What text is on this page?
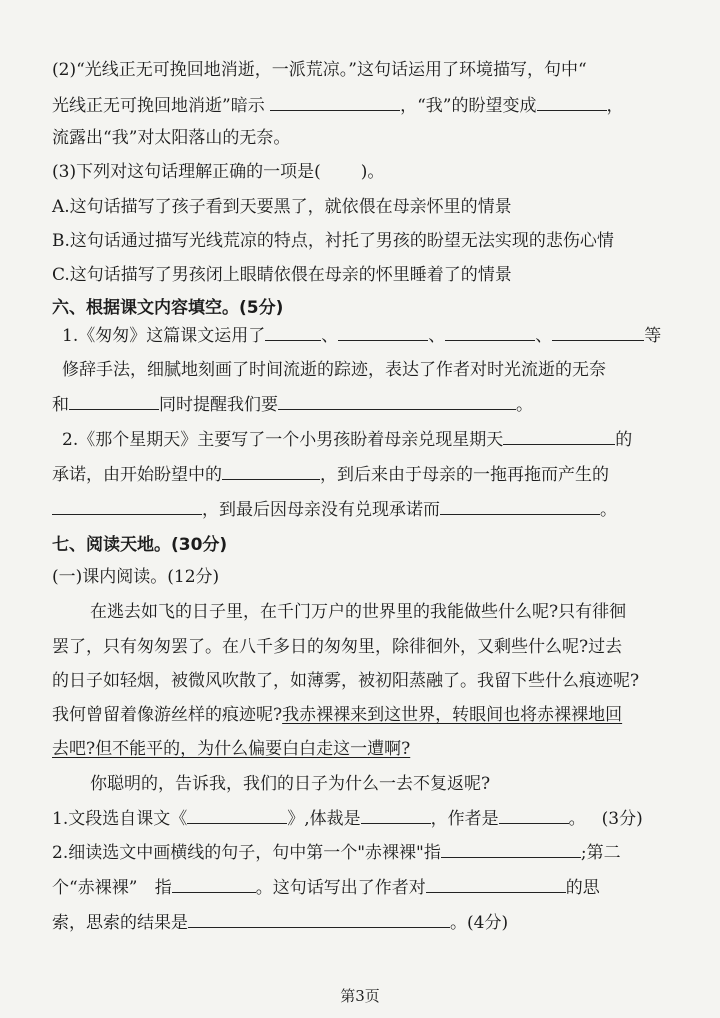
(2)“光线正无可挽回地消逝，一派荒凉。”这句话运用了环境描写，句中“
光线正无可挽回地消逝”暗示	，“我”的盼望变成	，
流露出“我”对太阳落山的无奈。
(3)下列对这句话理解正确的一项是( )。
A.这句话描写了孩子看到天要黑了，就依偎在母亲怀里的情景
B.这句话通过描写光线荒凉的特点，衬托了男孩的盼望无法实现的悲伤心情
C.这句话描写了男孩闭上眼睛依偎在母亲的怀里睡着了的情景
六、根据课文内容填空。(5分)
1.《匆匆》这篇课文运用了	、	、	、	等
修辞手法，细腻地刻画了时间流逝的踪迹，表达了作者对时光流逝的无奈
和	同时提醒我们要	。
2.《那个星期天》主要写了一个小男孩盼着母亲兑现星期天	的
承诺，由开始盼望中的	，到后来由于母亲的一拖再拖而产生的
，到最后因母亲没有兑现承诺而	。
七、阅读天地。(30分)
(一)课内阅读。(12分)
在逃去如飞的日子里，在千门万户的世界里的我能做些什么呢?只有徘徊
罢了，只有匆匆罢了。在八千多日的匆匆里，除徘徊外，又剩些什么呢?过去
的日子如轻烟，被微风吹散了，如薄雾，被初阳蒸融了。我留下些什么痕迹呢?
我何曾留着像游丝样的痕迹呢?我赤裸裸来到这世界，转眼间也将赤裸裸地回
去吧?但不能平的，为什么偏要白白走这一遭啊?
你聪明的，告诉我，我们的日子为什么一去不复返呢?
1.文段选自课文《	》,体裁是	，作者是	。 (3分)
2.细读选文中画横线的句子，句中第一个"赤裸裸"指	;第二
个“赤裸裸” 指	。这句话写出了作者对	的思
索，思索的结果是	。(4分)
第3页
